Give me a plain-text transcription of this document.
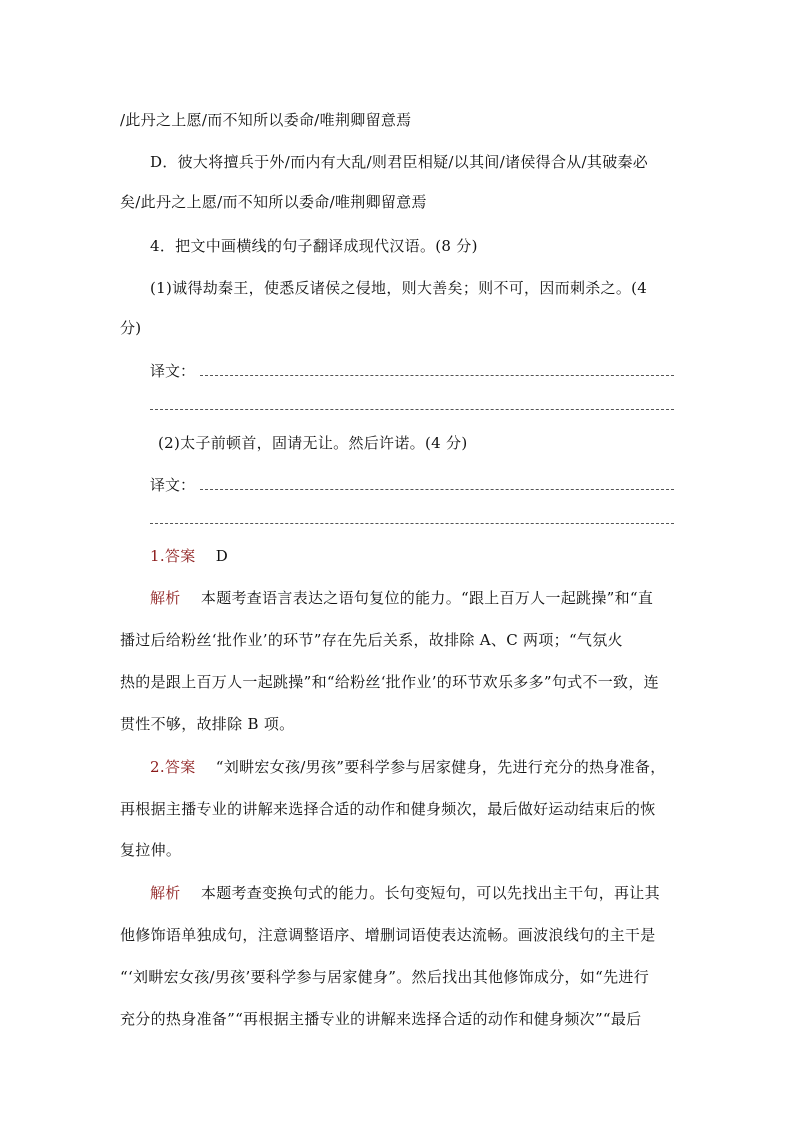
/此丹之上愿/而不知所以委命/唯荆卿留意焉
D．彼大将擅兵于外/而内有大乱/则君臣相疑/以其间/诸侯得合从/其破秦必
矣/此丹之上愿/而不知所以委命/唯荆卿留意焉
4．把文中画横线的句子翻译成现代汉语。(8 分)
(1)诚得劫秦王，使悉反诸侯之侵地，则大善矣；则不可，因而刺杀之。(4
分)
译文：
(2)太子前顿首，固请无让。然后许诺。(4 分)
译文：
1.答案 D
解析 本题考查语言表达之语句复位的能力。“跟上百万人一起跳操”和“直
播过后给粉丝‘批作业’的环节”存在先后关系，故排除 A、C 两项；“气氛火
热的是跟上百万人一起跳操”和“给粉丝‘批作业’的环节欢乐多多”句式不一致，连
贯性不够，故排除 B 项。
2.答案 “刘畊宏女孩/男孩”要科学参与居家健身，先进行充分的热身准备，
再根据主播专业的讲解来选择合适的动作和健身频次，最后做好运动结束后的恢
复拉伸。
解析 本题考查变换句式的能力。长句变短句，可以先找出主干句，再让其
他修饰语单独成句，注意调整语序、增删词语使表达流畅。画波浪线句的主干是
“‘刘畊宏女孩/男孩’要科学参与居家健身”。然后找出其他修饰成分，如“先进行
充分的热身准备”“再根据主播专业的讲解来选择合适的动作和健身频次”“最后
